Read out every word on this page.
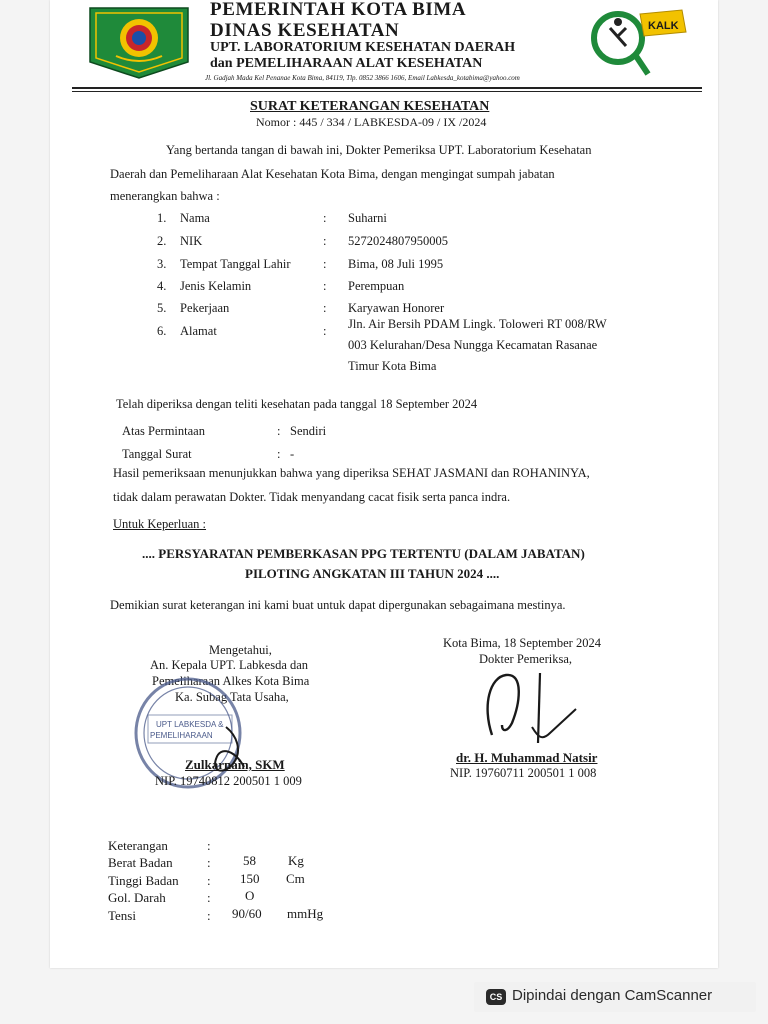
PEMERINTAH KOTA BIMA
DINAS KESEHATAN
UPT. LABORATORIUM KESEHATAN DAERAH
dan PEMELIHARAAN ALAT KESEHATAN
Jl. Gadjah Mada Kel Penanae Kota Bima, 84119, Tlp. 0852 3866 1606, Email Labkesda_kotabima@yahoo.com
KALK
SURAT KETERANGAN KESEHATAN
Nomor : 445 / 334 / LABKESDA-09 / IX /2024
Yang bertanda tangan di bawah ini, Dokter Pemeriksa UPT. Laboratorium Kesehatan
Daerah dan Pemeliharaan Alat Kesehatan Kota Bima, dengan mengingat sumpah jabatan
menerangkan bahwa :
1. Nama	: Suharni
2. NIK	: 5272024807950005
3. Tempat Tanggal Lahir	: Bima, 08 Juli 1995
4. Jenis Kelamin	: Perempuan
5. Pekerjaan	: Karyawan Honorer
6. Alamat	: Jln. Air Bersih PDAM Lingk. Toloweri RT 008/RW
003 Kelurahan/Desa Nungga Kecamatan Rasanae
Timur Kota Bima
Telah diperiksa dengan teliti kesehatan pada tanggal 18 September 2024
Atas Permintaan	: Sendiri
Tanggal Surat	: -
Hasil pemeriksaan menunjukkan bahwa yang diperiksa SEHAT JASMANI dan ROHANINYA,
tidak dalam perawatan Dokter. Tidak menyandang cacat fisik serta panca indra.
Untuk Keperluan :
.... PERSYARATAN PEMBERKASAN PPG TERTENTU (DALAM JABATAN)
PILOTING ANGKATAN III TAHUN 2024 ....
Demikian surat keterangan ini kami buat untuk dapat dipergunakan sebagaimana mestinya.
Mengetahui,
An. Kepala UPT. Labkesda dan
Pemeliharaan Alkes Kota Bima
Ka. Subag Tata Usaha,
UPT LABKESDA &
PEMELIHARAAN
Zulkarnain, SKM
NIP. 19740812 200501 1 009
Kota Bima, 18 September 2024
Dokter Pemeriksa,
dr. H. Muhammad Natsir
NIP. 19760711 200501 1 008
Keterangan	:
Berat Badan	: 58 Kg
Tinggi Badan : 150 Cm
Gol. Darah	:	O
Tensi	: 90/60 mmHg
CS Dipindai dengan CamScanner
